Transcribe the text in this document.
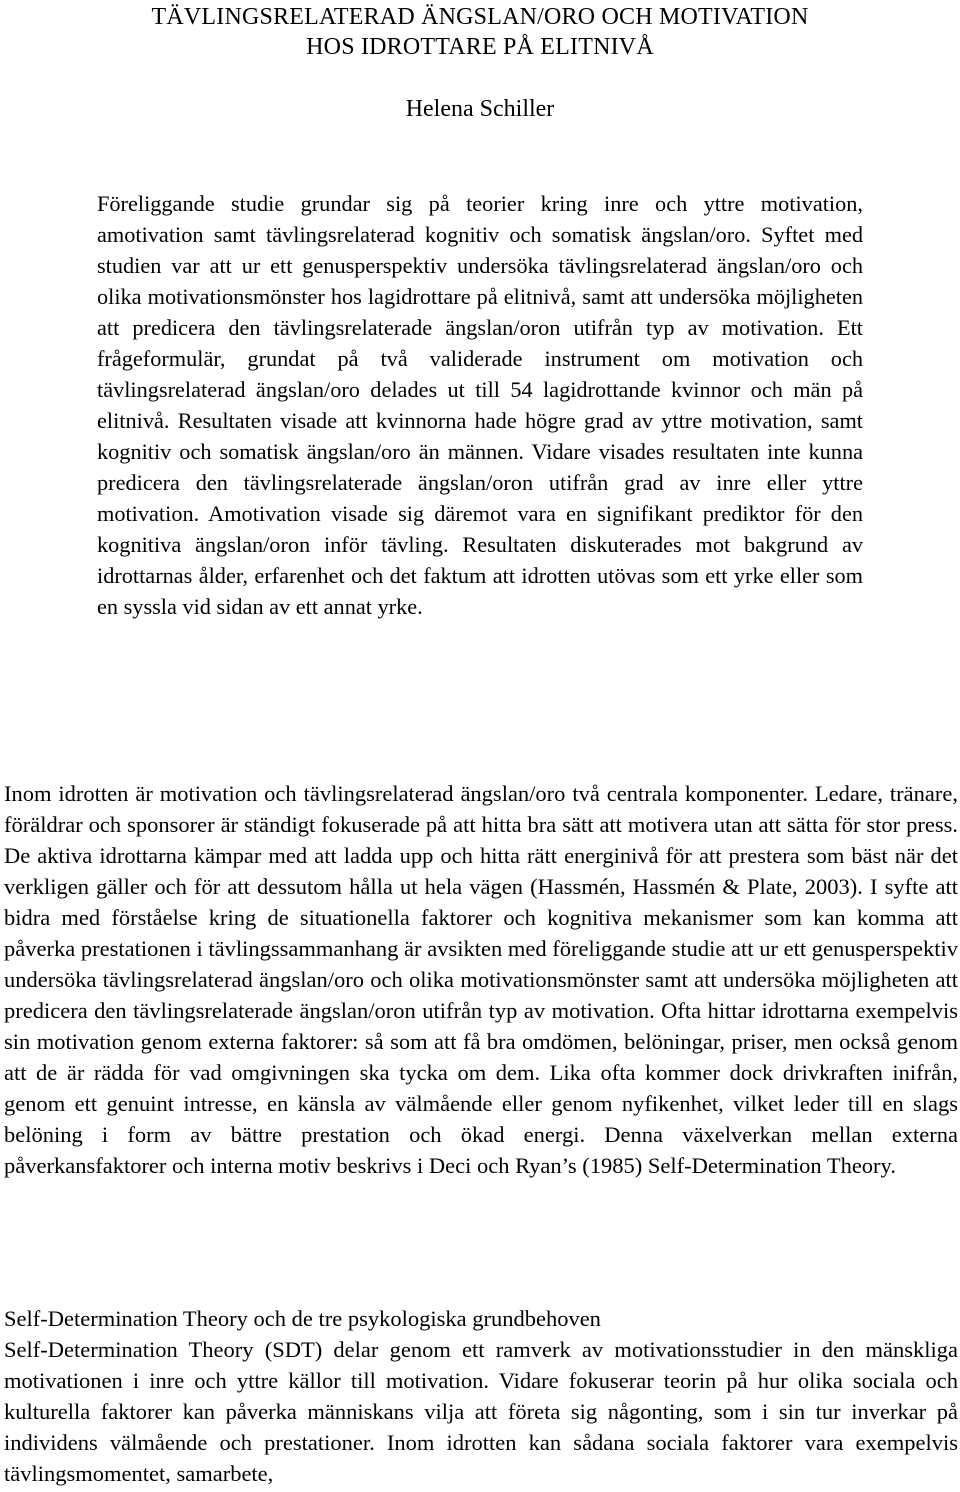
TÄVLINGSRELATERAD ÄNGSLAN/ORO OCH MOTIVATION
HOS IDROTTARE PÅ ELITNIVÅ
Helena Schiller

Föreliggande studie grundar sig på teorier kring inre och yttre motivation, amotivation samt tävlingsrelaterad kognitiv och somatisk ängslan/oro. Syftet med studien var att ur ett genusperspektiv undersöka tävlingsrelaterad ängslan/oro och olika motivationsmönster hos lagidrottare på elitnivå, samt att undersöka möjligheten att predicera den tävlingsrelaterade ängslan/oron utifrån typ av motivation. Ett frågeformulär, grundat på två validerade instrument om motivation och tävlingsrelaterad ängslan/oro delades ut till 54 lagidrottande kvinnor och män på elitnivå. Resultaten visade att kvinnorna hade högre grad av yttre motivation, samt kognitiv och somatisk ängslan/oro än männen. Vidare visades resultaten inte kunna predicera den tävlingsrelaterade ängslan/oron utifrån grad av inre eller yttre motivation. Amotivation visade sig däremot vara en signifikant prediktor för den kognitiva ängslan/oron inför tävling. Resultaten diskuterades mot bakgrund av idrottarnas ålder, erfarenhet och det faktum att idrotten utövas som ett yrke eller som en syssla vid sidan av ett annat yrke.

Inom idrotten är motivation och tävlingsrelaterad ängslan/oro två centrala komponenter. Ledare, tränare, föräldrar och sponsorer är ständigt fokuserade på att hitta bra sätt att motivera utan att sätta för stor press. De aktiva idrottarna kämpar med att ladda upp och hitta rätt energinivå för att prestera som bäst när det verkligen gäller och för att dessutom hålla ut hela vägen (Hassmén, Hassmén & Plate, 2003). I syfte att bidra med förståelse kring de situationella faktorer och kognitiva mekanismer som kan komma att påverka prestationen i tävlingssammanhang är avsikten med föreliggande studie att ur ett genusperspektiv undersöka tävlingsrelaterad ängslan/oro och olika motivationsmönster samt att undersöka möjligheten att predicera den tävlingsrelaterade ängslan/oron utifrån typ av motivation. Ofta hittar idrottarna exempelvis sin motivation genom externa faktorer: så som att få bra omdömen, belöningar, priser, men också genom att de är rädda för vad omgivningen ska tycka om dem. Lika ofta kommer dock drivkraften inifrån, genom ett genuint intresse, en känsla av välmående eller genom nyfikenhet, vilket leder till en slags belöning i form av bättre prestation och ökad energi. Denna växelverkan mellan externa påverkansfaktorer och interna motiv beskrivs i Deci och Ryan’s (1985) Self-Determination Theory.

Self-Determination Theory och de tre psykologiska grundbehoven

Self-Determination Theory (SDT) delar genom ett ramverk av motivationsstudier in den mänskliga motivationen i inre och yttre källor till motivation. Vidare fokuserar teorin på hur olika sociala och kulturella faktorer kan påverka människans vilja att företa sig någonting, som i sin tur inverkar på individens välmående och prestationer. Inom idrotten kan sådana sociala faktorer vara exempelvis tävlingsmomentet, samarbete,
